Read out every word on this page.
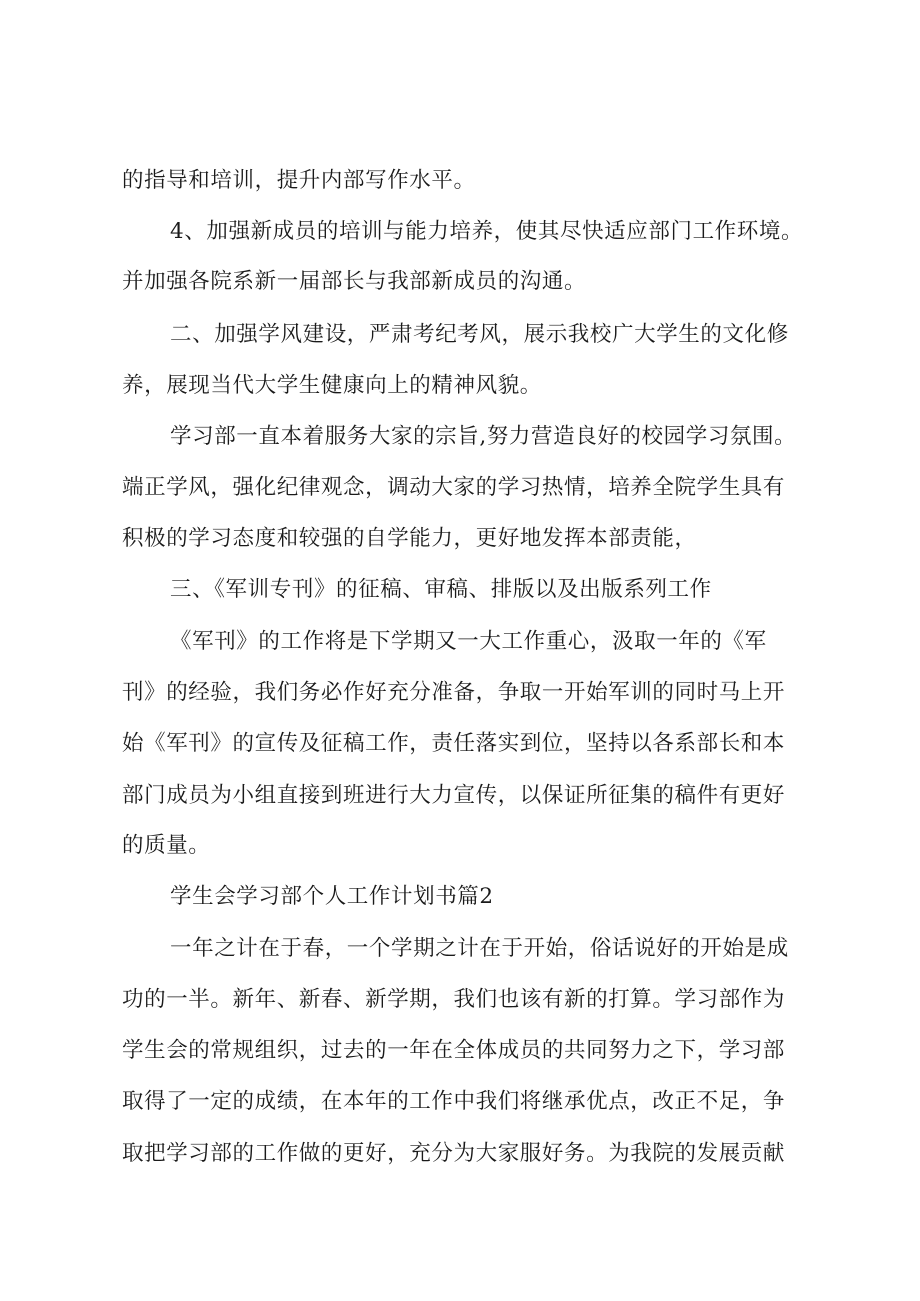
的指导和培训，提升内部写作水平。

4、加强新成员的培训与能力培养，使其尽快适应部门工作环境。

并加强各院系新一届部长与我部新成员的沟通。

二、加强学风建设，严肃考纪考风，展示我校广大学生的文化修

养，展现当代大学生健康向上的精神风貌。

学习部一直本着服务大家的宗旨,努力营造良好的校园学习氛围。

端正学风，强化纪律观念，调动大家的学习热情，培养全院学生具有

积极的学习态度和较强的自学能力，更好地发挥本部责能，

三、《军训专刊》的征稿、审稿、排版以及出版系列工作

《军刊》的工作将是下学期又一大工作重心，汲取一年的《军

刊》的经验，我们务必作好充分准备，争取一开始军训的同时马上开

始《军刊》的宣传及征稿工作，责任落实到位，坚持以各系部长和本

部门成员为小组直接到班进行大力宣传，以保证所征集的稿件有更好

的质量。

学生会学习部个人工作计划书篇2

一年之计在于春，一个学期之计在于开始，俗话说好的开始是成

功的一半。新年、新春、新学期，我们也该有新的打算。学习部作为

学生会的常规组织，过去的一年在全体成员的共同努力之下，学习部

取得了一定的成绩，在本年的工作中我们将继承优点，改正不足，争

取把学习部的工作做的更好，充分为大家服好务。为我院的发展贡献
